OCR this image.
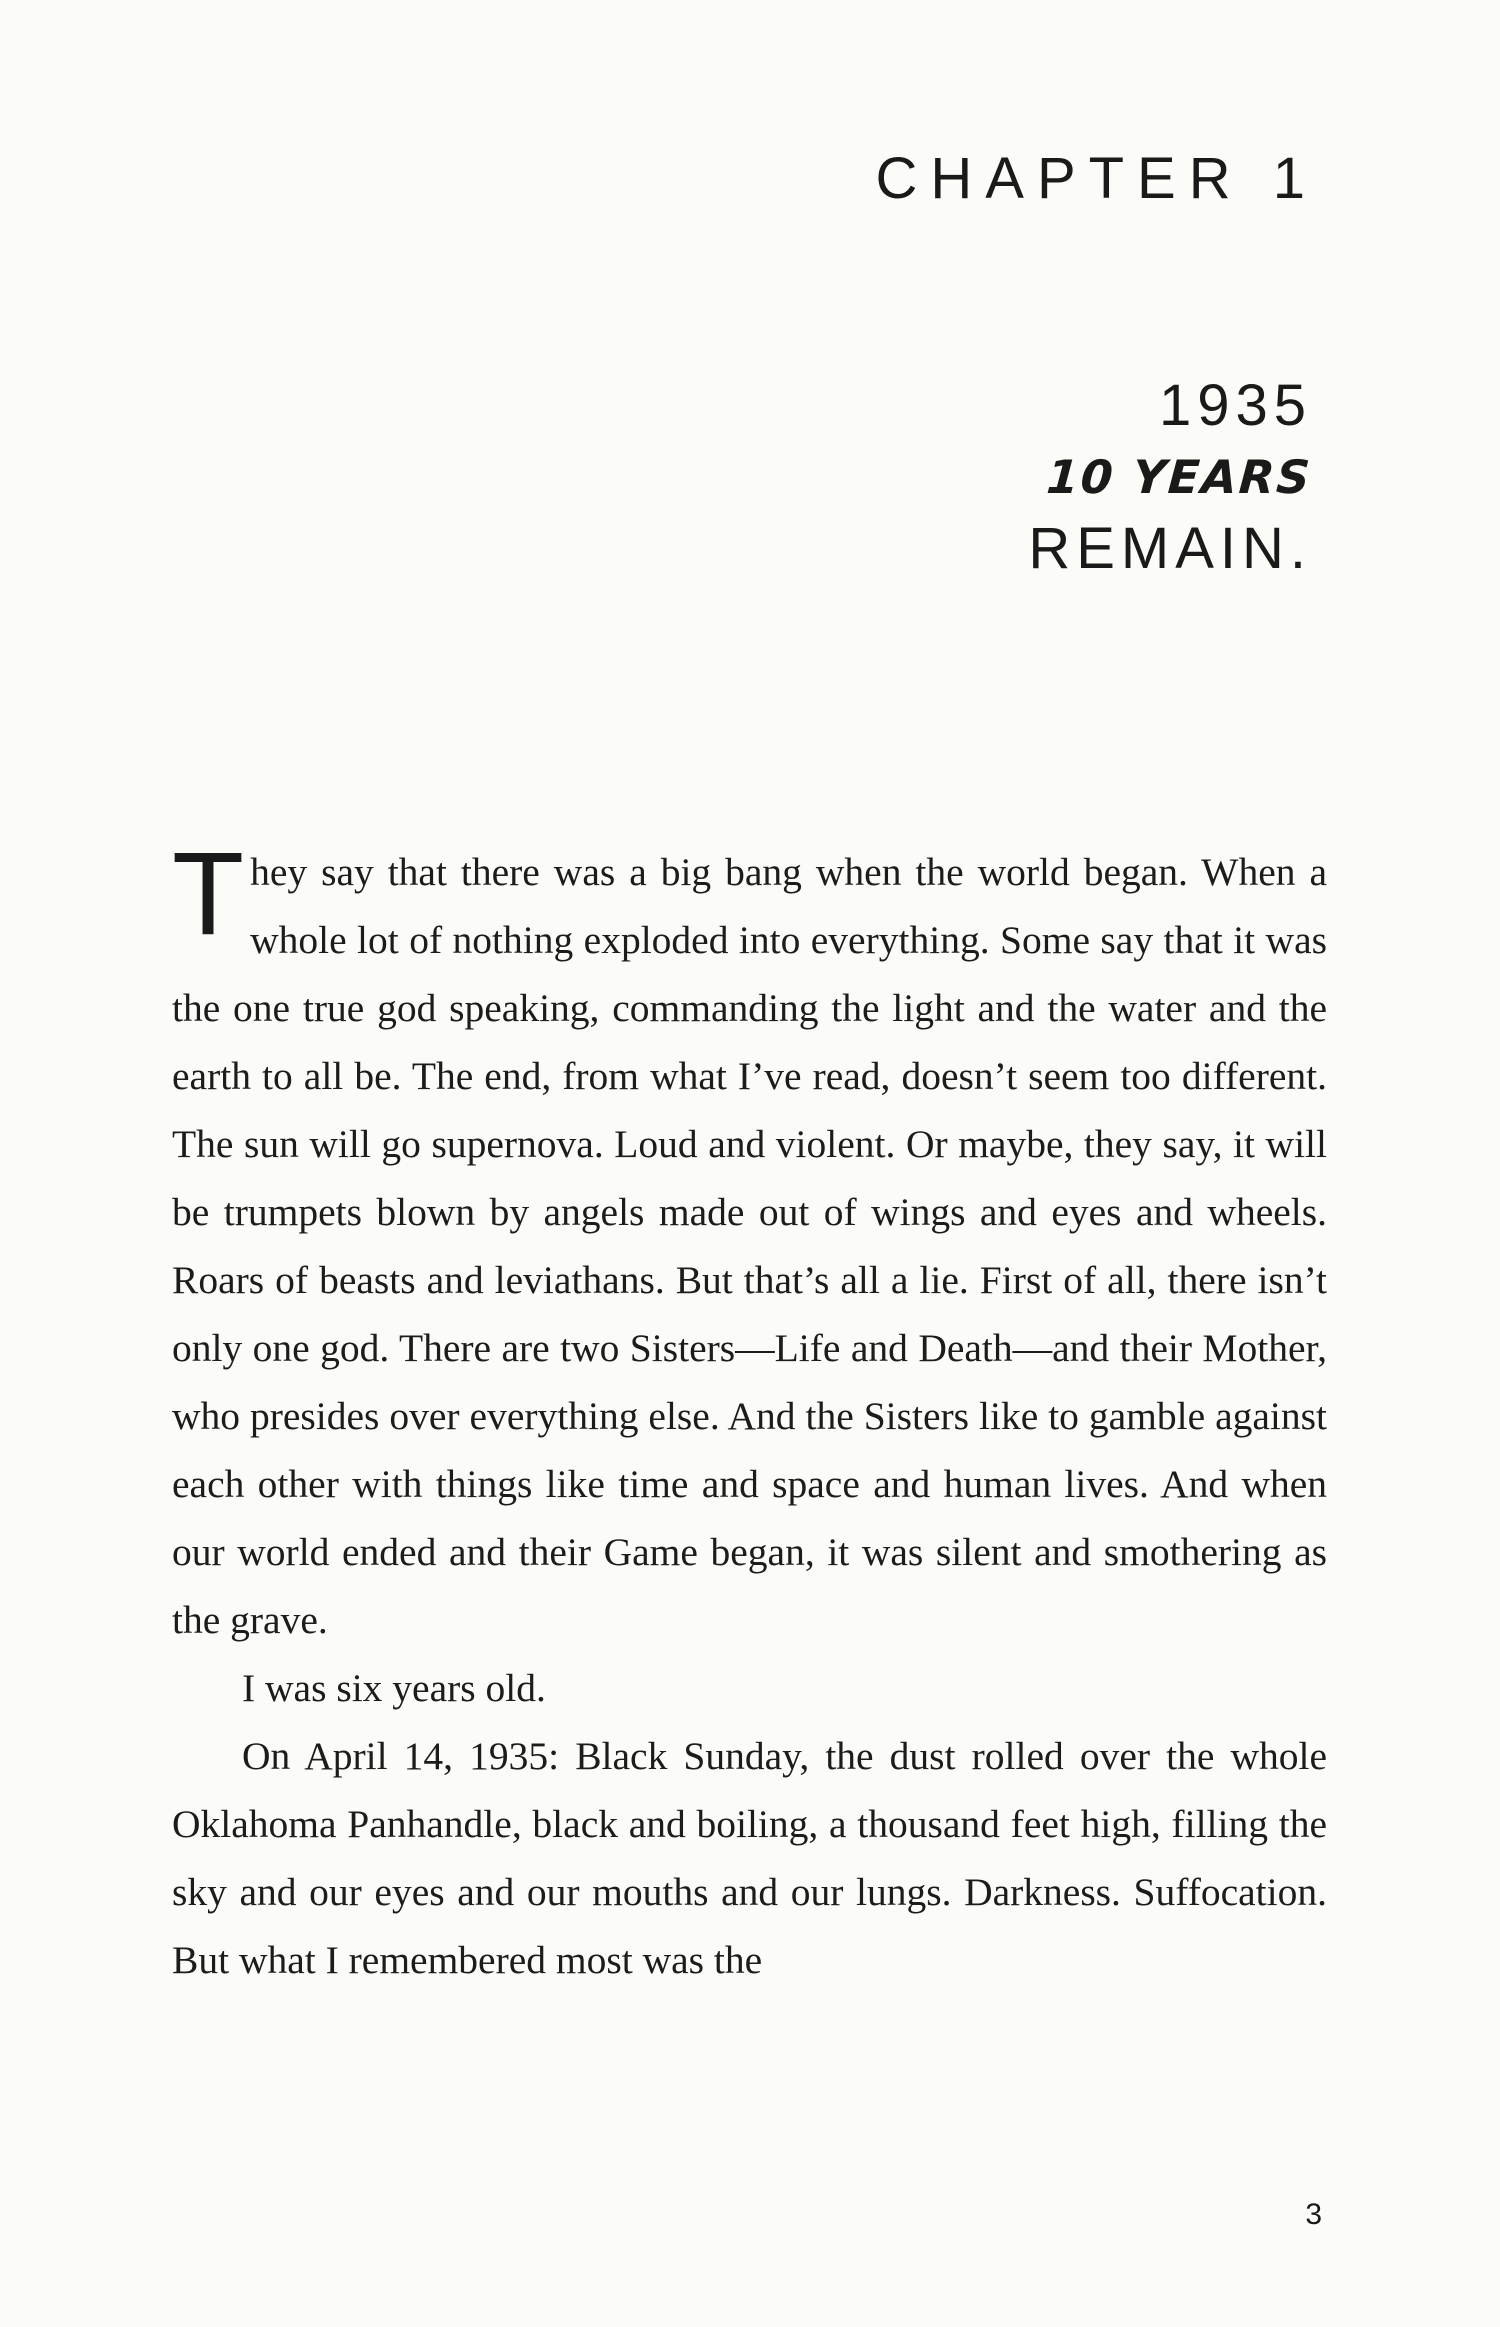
CHAPTER 1
1935
10 YEARS
REMAIN.

They say that there was a big bang when the world began. When a whole lot of nothing exploded into everything. Some say that it was the one true god speaking, commanding the light and the water and the earth to all be. The end, from what I’ve read, doesn’t seem too different. The sun will go supernova. Loud and violent. Or maybe, they say, it will be trumpets blown by angels made out of wings and eyes and wheels. Roars of beasts and leviathans. But that’s all a lie. First of all, there isn’t only one god. There are two Sisters—Life and Death—and their Mother, who presides over everything else. And the Sisters like to gamble against each other with things like time and space and human lives. And when our world ended and their Game began, it was silent and smothering as the grave.

I was six years old.

On April 14, 1935: Black Sunday, the dust rolled over the whole Oklahoma Panhandle, black and boiling, a thousand feet high, filling the sky and our eyes and our mouths and our lungs. Darkness. Suffocation. But what I remembered most was the

3
